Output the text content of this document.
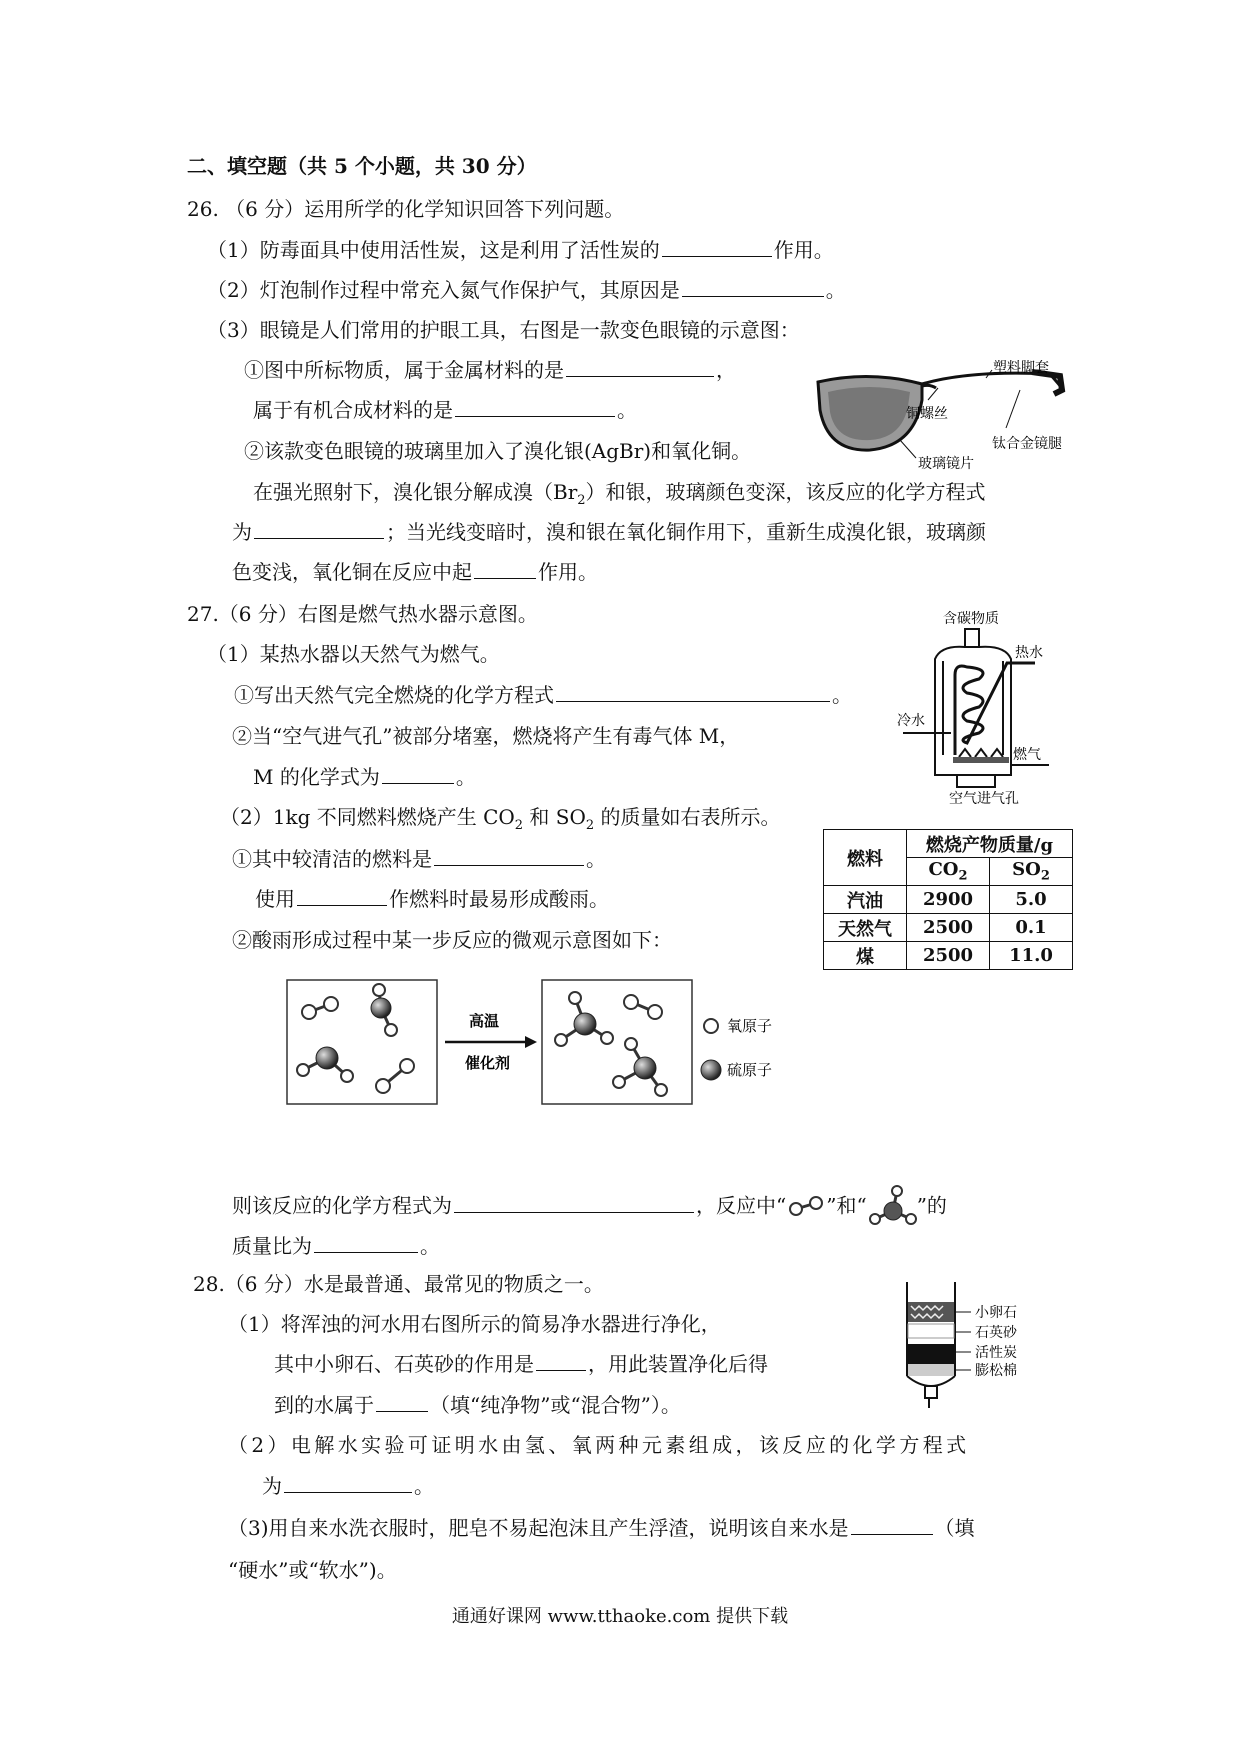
二、填空题（共 5 个小题，共 30 分）
26. （6 分）运用所学的化学知识回答下列问题。
（1）防毒面具中使用活性炭，这是利用了活性炭的	作用。
（2）灯泡制作过程中常充入氮气作保护气，其原因是	。
（3）眼镜是人们常用的护眼工具，右图是一款变色眼镜的示意图：
①图中所标物质，属于金属材料的是	，
属于有机合成材料的是	。
②该款变色眼镜的玻璃里加入了溴化银(AgBr)和氧化铜。
在强光照射下，溴化银分解成溴$(Br_2)$和银，玻璃颜色变深，该反应的化学方程式
为	；当光线变暗时，溴和银在氧化铜作用下，重新生成溴化银，玻璃颜
色变浅，氧化铜在反应中起	作用。
塑料脚套
铜螺丝
钛合金镜腿
玻璃镜片
27.（6 分）右图是燃气热水器示意图。
（1）某热水器以天然气为燃气。
①写出天然气完全燃烧的化学方程式	。
②当“空气进气孔”被部分堵塞，燃烧将产生有毒气体 M，
M 的化学式为	。
（2）1kg 不同燃料燃烧产生 $CO_2$ 和 $SO_2$ 的质量如右表所示。
①其中较清洁的燃料是	。
使用	作燃料时最易形成酸雨。
②酸雨形成过程中某一步反应的微观示意图如下：
含碳物质
热水
冷水
燃气
空气进气孔
燃料	燃烧产物质量/g	
	$CO_2$	$SO_2$
汽油	2900	5.0
天然气	2500	0.1
煤	2500	11.0
高温
催化剂
氧原子
硫原子
则该反应的化学方程式为	，反应中“ ”和“	”的
质量比为	。
28.（6 分）水是最普通、最常见的物质之一。
（1）将浑浊的河水用右图所示的简易净水器进行净化，
其中小卵石、石英砂的作用是	，用此装置净化后得
到的水属于	（填“纯净物”或“混合物”）。
（2）电解水实验可证明水由氢、氧两种元素组成，该反应的化学方程式
为	。
（3)用自来水洗衣服时，肥皂不易起泡沫且产生浮渣，说明该自来水是	（填
“硬水”或“软水”)。
小卵石
石英砂
活性炭
膨松棉
通通好课网 www.tthaoke.com 提供下载
